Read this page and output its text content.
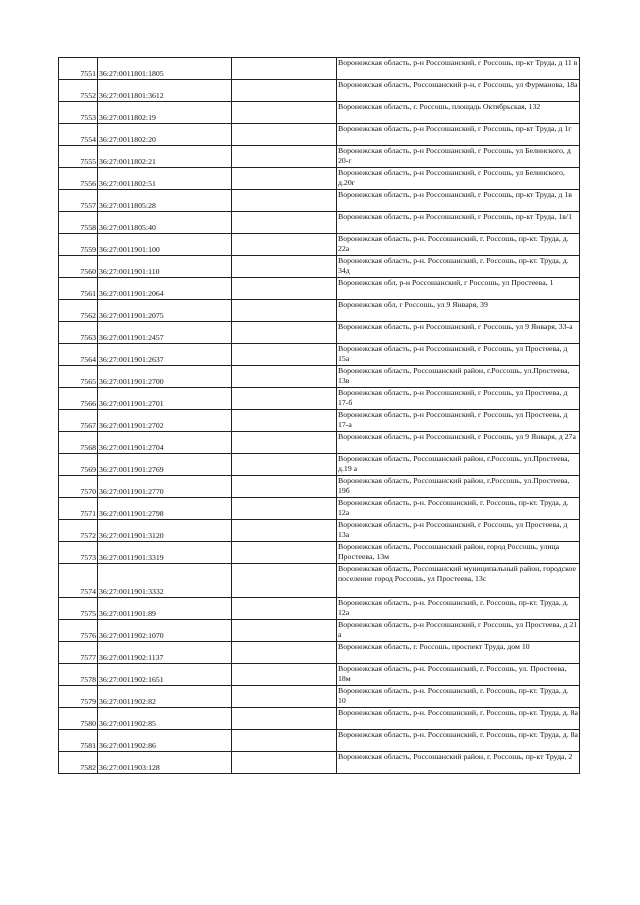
7551	36:27:0011801:1805		Воронежская область, р-н Россошанский, г Россошь, пр-кт Труда, д 11 в
7552	36:27:0011801:3612		Воронежская область, Россошанский р-н, г Россошь, ул Фурманова, 18а
7553	36:27:0011802:19		Воронежская область, г. Россошь, площадь Октябрьская, 132
7554	36:27:0011802:20		Воронежская область, р-н Россошанский, г Россошь, пр-кт Труда, д 1г
7555	36:27:0011802:21		Воронежская область, р-н Россошанский, г Россошь, ул Белинского, д 20-г
7556	36:27:0011802:51		Воронежская область, р-н Россошанский, г Россошь, ул Белинского, д.20г
7557	36:27:0011805:28		Воронежская область, р-н Россошанский, г Россошь, пр-кт Труда, д 1в
7558	36:27:0011805:40		Воронежская область, р-н Россошанский, г Россошь, пр-кт Труда, 1в/1
7559	36:27:0011901:100		Воронежская область, р-н. Россошанский, г. Россошь, пр-кт. Труда, д. 22а
7560	36:27:0011901:110		Воронежская область, р-н. Россошанский, г. Россошь, пр-кт. Труда, д. 34д
7561	36:27:0011901:2064		Воронежская обл, р-н Россошанский, г Россошь, ул Простеева, 1
7562	36:27:0011901:2075		Воронежская обл, г Россошь, ул 9 Января, 39
7563	36:27:0011901:2457		Воронежская область, р-н Россошанский, г Россошь, ул 9 Января, 33-а
7564	36:27:0011901:2637		Воронежская область, р-н Россошанский, г Россошь, ул Простеева, д 15а
7565	36:27:0011901:2700		Воронежская область, Россошанский район, г.Россошь, ул.Простеева, 13в
7566	36:27:0011901:2701		Воронежская область, р-н Россошанский, г Россошь, ул Простеева, д 17-б
7567	36:27:0011901:2702		Воронежская область, р-н Россошанский, г Россошь, ул Простеева, д 17-а
7568	36:27:0011901:2704		Воронежская область, р-н Россошанский, г Россошь, ул 9 Января, д 27а
7569	36:27:0011901:2769		Воронежская область, Россошанский район, г.Россошь, ул.Простеева, д.19 а
7570	36:27:0011901:2770		Воронежская область, Россошанский район, г.Россошь, ул.Простеева, 19б
7571	36:27:0011901:2798		Воронежская область, р-н. Россошанский, г. Россошь, пр-кт. Труда, д. 12а
7572	36:27:0011901:3120		Воронежская область, р-н Россошанский, г Россошь, ул Простеева, д 13а
7573	36:27:0011901:3319		Воронежская область, Россошанский район, город Россошь, улица Простеева, 13м
7574	36:27:0011901:3332		Воронежская область, Россошанский муниципальный район, городское поселение город Россошь, ул Простеева, 13с
7575	36:27:0011901:89		Воронежская область, р-н. Россошанский, г. Россошь, пр-кт. Труда, д. 12а
7576	36:27:0011902:1070		Воронежская область, р-н Россошанский, г Россошь, ул Простеева, д 21 а
7577	36:27:0011902:1137		Воронежская область, г. Россошь, проспект Труда, дом 10
7578	36:27:0011902:1651		Воронежская область, р-н. Россошанский, г. Россошь, ул. Простеева, 18м
7579	36:27:0011902:82		Воронежская область, р-н. Россошанский, г. Россошь, пр-кт. Труда, д. 10
7580	36:27:0011902:85		Воронежская область, р-н. Россошанский, г. Россошь, пр-кт. Труда, д. 8а
7581	36:27:0011902:86		Воронежская область, р-н. Россошанский, г. Россошь, пр-кт. Труда, д. 8а
7582	36:27:0011903:128		Воронежская область, Россошанский район, г. Россошь, пр-кт Труда, 2
